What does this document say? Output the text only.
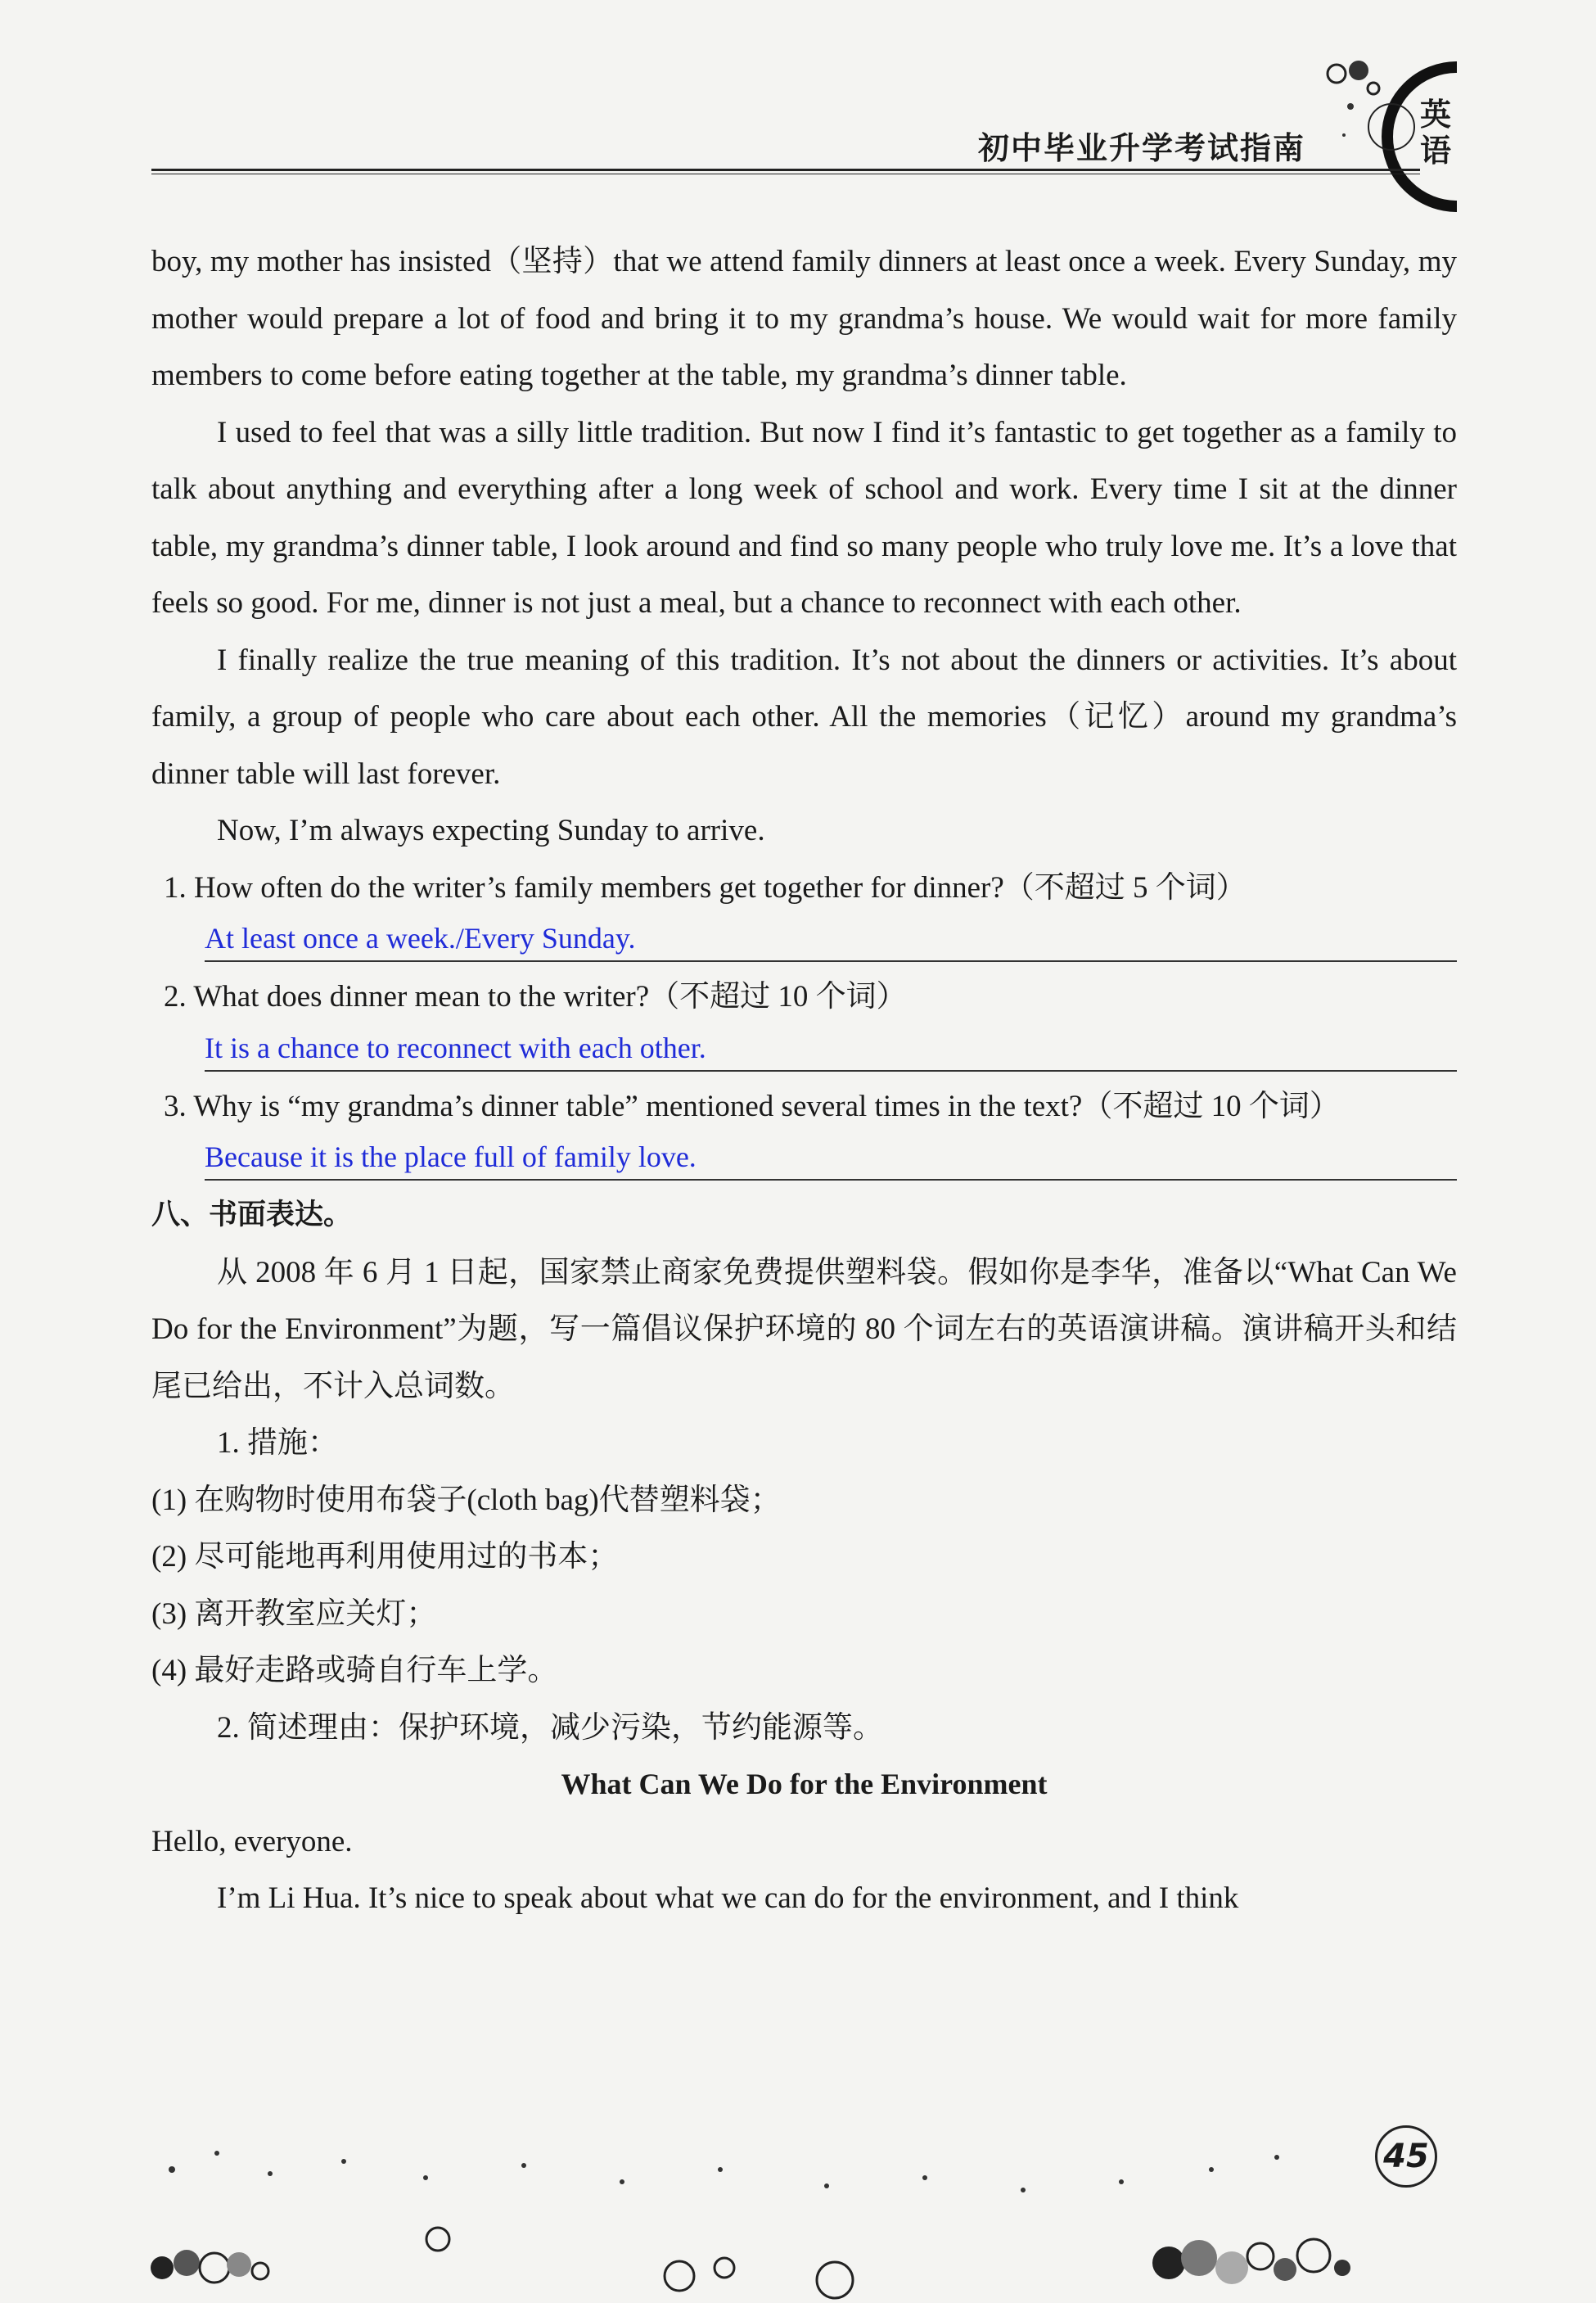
英语
初中毕业升学考试指南

boy, my mother has insisted（坚持）that we attend family dinners at least once a week. Every Sunday, my mother would prepare a lot of food and bring it to my grandma’s house. We would wait for more family members to come before eating together at the table, my grandma’s dinner table.

I used to feel that was a silly little tradition. But now I find it’s fantastic to get together as a family to talk about anything and everything after a long week of school and work. Every time I sit at the dinner table, my grandma’s dinner table, I look around and find so many people who truly love me. It’s a love that feels so good. For me, dinner is not just a meal, but a chance to reconnect with each other.

I finally realize the true meaning of this tradition. It’s not about the dinners or activities. It’s about family, a group of people who care about each other. All the memories（记忆）around my grandma’s dinner table will last forever.

Now, I’m always expecting Sunday to arrive.

1. How often do the writer’s family members get together for dinner?（不超过 5 个词）

At least once a week./Every Sunday.

2. What does dinner mean to the writer?（不超过 10 个词）

It is a chance to reconnect with each other.

3. Why is “my grandma’s dinner table” mentioned several times in the text?（不超过 10 个词）

Because it is the place full of family love.

八、书面表达。

从 2008 年 6 月 1 日起，国家禁止商家免费提供塑料袋。假如你是李华，准备以“What Can We Do for the Environment”为题，写一篇倡议保护环境的 80 个词左右的英语演讲稿。演讲稿开头和结尾已给出，不计入总词数。

1. 措施：

(1) 在购物时使用布袋子(cloth bag)代替塑料袋；

(2) 尽可能地再利用使用过的书本；

(3) 离开教室应关灯；

(4) 最好走路或骑自行车上学。

2. 简述理由：保护环境，减少污染，节约能源等。

What Can We Do for the Environment

Hello, everyone.

I’m Li Hua. It’s nice to speak about what we can do for the environment, and I think

45
